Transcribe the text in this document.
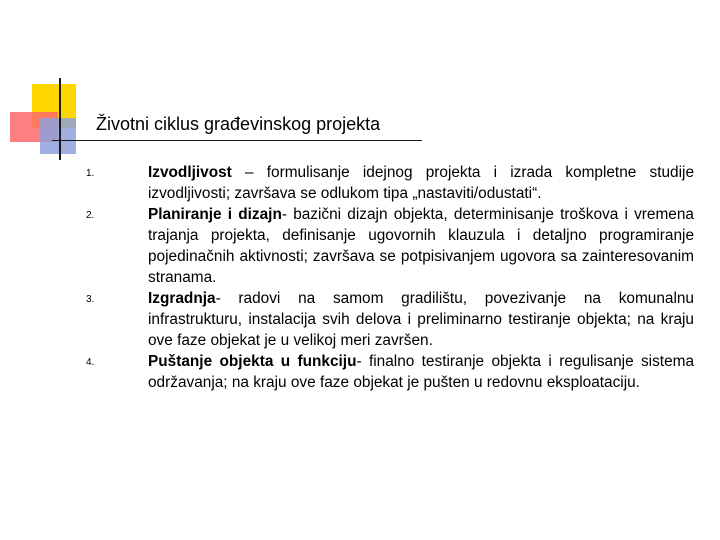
Životni ciklus građevinskog projekta
1.	Izvodljivost – formulisanje idejnog projekta i izrada kompletne studije izvodljivosti; završava se odlukom tipa „nastaviti/odustati“.
2.	Planiranje i dizajn- bazični dizajn objekta, determinisanje troškova i vremena trajanja projekta, definisanje ugovornih klauzula i detaljno programiranje pojedinačnih aktivnosti; završava se potpisivanjem ugovora sa zainteresovanim stranama.
3.	Izgradnja- radovi na samom gradilištu, povezivanje na komunalnu infrastrukturu, instalacija svih delova i preliminarno testiranje objekta; na kraju ove faze objekat je u velikoj meri završen.
4.	Puštanje objekta u funkciju- finalno testiranje objekta i regulisanje sistema održavanja; na kraju ove faze objekat je pušten u redovnu eksploataciju.
